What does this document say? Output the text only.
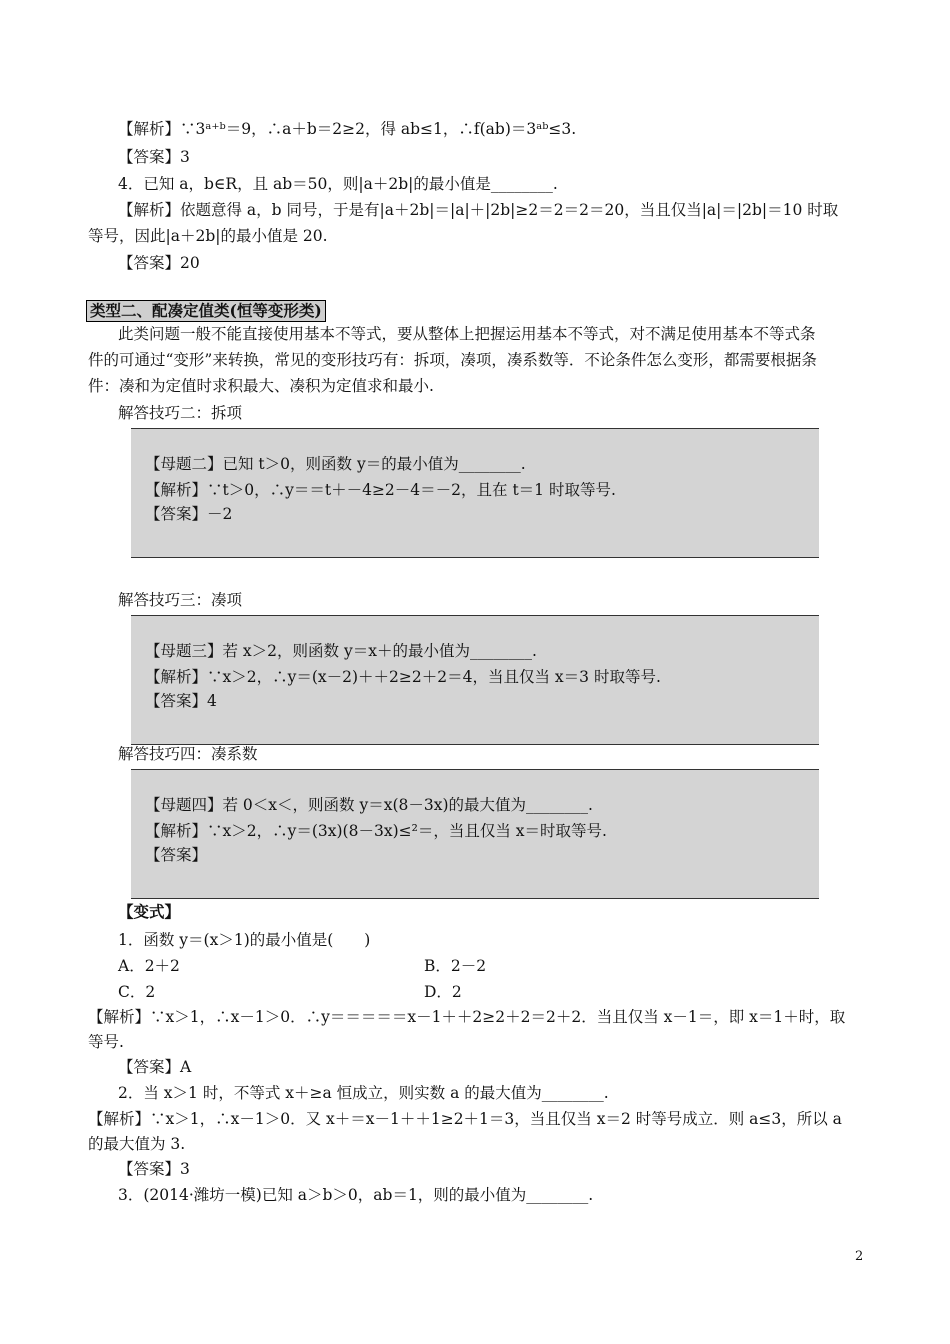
【解析】∵3ᵃ⁺ᵇ＝9，∴a＋b＝2≥2，得 ab≤1，∴f(ab)＝3ᵃᵇ≤3.
【答案】3
4．已知 a，b∈R，且 ab＝50，则|a＋2b|的最小值是________.
【解析】依题意得 a，b 同号，于是有|a＋2b|＝|a|＋|2b|≥2＝2＝2＝20，当且仅当|a|＝|2b|＝10 时取
等号，因此|a＋2b|的最小值是 20.
【答案】20
类型二、配凑定值类(恒等变形类)
此类问题一般不能直接使用基本不等式，要从整体上把握运用基本不等式，对不满足使用基本不等式条
件的可通过“变形”来转换，常见的变形技巧有：拆项，凑项，凑系数等．不论条件怎么变形，都需要根据条
件：凑和为定值时求积最大、凑积为定值求和最小.
解答技巧二：拆项
【母题二】已知 t＞0，则函数 y＝的最小值为________.
【解析】∵t＞0，∴y＝＝t＋－4≥2－4＝－2，且在 t＝1 时取等号.
【答案】－2
解答技巧三：凑项
【母题三】若 x＞2，则函数 y＝x＋的最小值为________.
【解析】∵x＞2，∴y＝(x－2)＋＋2≥2＋2＝4，当且仅当 x＝3 时取等号.
【答案】4
解答技巧四：凑系数
【母题四】若 0＜x＜，则函数 y＝x(8－3x)的最大值为________.
【解析】∵x＞2，∴y＝(3x)(8－3x)≤²＝，当且仅当 x＝时取等号.
【答案】
【变式】
1．函数 y＝(x＞1)的最小值是(　　)
A．2＋2	B．2－2
C．2	D．2
【解析】∵x＞1，∴x－1＞0．∴y＝＝＝＝＝x－1＋＋2≥2＋2＝2＋2．当且仅当 x－1＝，即 x＝1＋时，取
等号.
【答案】A
2．当 x＞1 时，不等式 x＋≥a 恒成立，则实数 a 的最大值为________.
【解析】∵x＞1，∴x－1＞0．又 x＋＝x－1＋＋1≥2＋1＝3，当且仅当 x＝2 时等号成立．则 a≤3，所以 a
的最大值为 3.
【答案】3
3．(2014·潍坊一模)已知 a＞b＞0，ab＝1，则的最小值为________.
2
